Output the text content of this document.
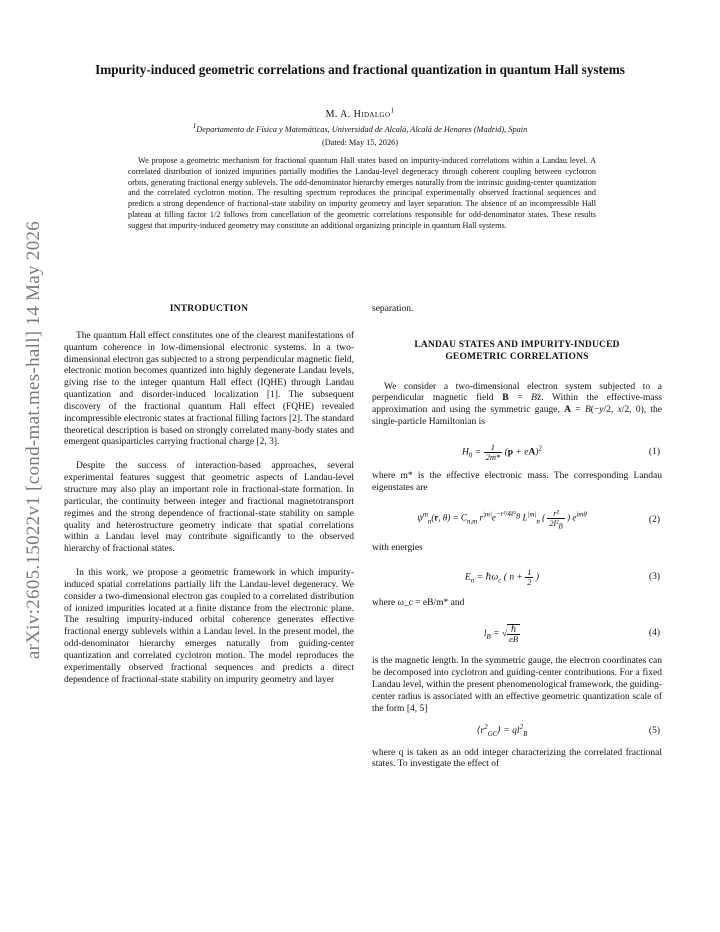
arXiv:2605.15022v1 [cond-mat.mes-hall] 14 May 2026
Impurity-induced geometric correlations and fractional quantization in quantum Hall systems
M. A. Hidalgo$^1$
$^1$Departamento de Física y Matemáticas, Universidad de Alcalá, Alcalá de Henares (Madrid), Spain
(Dated: May 15, 2026)
We propose a geometric mechanism for fractional quantum Hall states based on impurity-induced correlations within a Landau level. A correlated distribution of ionized impurities partially modifies the Landau-level degeneracy through coherent coupling between cyclotron orbits, generating fractional energy sublevels. The odd-denominator hierarchy emerges naturally from the intrinsic guiding-center quantization and the correlated cyclotron motion. The resulting spectrum reproduces the principal experimentally observed fractional sequences and predicts a strong dependence of fractional-state stability on impurity geometry and layer separation. The absence of an incompressible Hall plateau at filling factor 1/2 follows from cancellation of the geometric correlations responsible for odd-denominator states. These results suggest that impurity-induced geometry may constitute an additional organizing principle in quantum Hall systems.
INTRODUCTION

The quantum Hall effect constitutes one of the clearest manifestations of quantum coherence in low-dimensional electronic systems. In a two-dimensional electron gas subjected to a strong perpendicular magnetic field, electronic motion becomes quantized into highly degenerate Landau levels, giving rise to the integer quantum Hall effect (IQHE) through Landau quantization and disorder-induced localization [1]. The subsequent discovery of the fractional quantum Hall effect (FQHE) revealed incompressible electronic states at fractional filling factors [2]. The standard theoretical description is based on strongly correlated many-body states and emergent quasiparticles carrying fractional charge [2, 3].

Despite the success of interaction-based approaches, several experimental features suggest that geometric aspects of Landau-level structure may also play an important role in fractional-state formation. In particular, the continuity between integer and fractional magnetotransport regimes and the strong dependence of fractional-state stability on sample quality and heterostructure geometry indicate that spatial correlations within a Landau level may contribute significantly to the observed hierarchy of fractional states.

In this work, we propose a geometric framework in which impurity-induced spatial correlations partially lift the Landau-level degeneracy. We consider a two-dimensional electron gas coupled to a correlated distribution of ionized impurities located at a finite distance from the electronic plane. The resulting impurity-induced orbital coherence generates effective fractional energy sublevels within a Landau level. In the present model, the odd-denominator hierarchy emerges naturally from guiding-center quantization and correlated cyclotron motion. The model reproduces the experimentally observed fractional sequences and predicts a direct dependence of fractional-state stability on impurity geometry and layer

separation.

LANDAU STATES AND IMPURITY-INDUCED
GEOMETRIC CORRELATIONS

We consider a two-dimensional electron system subjected to a perpendicular magnetic field B = Bẑ. Within the effective-mass approximation and using the symmetric gauge, A = B(−y/2, x/2, 0), the single-particle Hamiltonian is

$H_0 = \frac{1}{2m*} (p + eA)^2$	(1)

where m* is the effective electronic mass. The corresponding Landau eigenstates are

$\psi^m_n(r$, $\theta) = C_{n,m}$ $r^{|m|}e^{-r^2/4\ell^2_B}$ $L^{|m|}_n$ ( $\frac{\text{r²}}{2l^2_B}$ ) $e^{im\theta}$
(2)

with energies

$E_n$ = ℏω$_c$ ( $n + \frac{1}{2}$ )	(3)

where ω_c = eB/m* and

$l_B$ = √ $\frac{\text{ℏ}}{eB}$	(4)

is the magnetic length. In the symmetric gauge, the electron coordinates can be decomposed into cyclotron and guiding-center contributions. For a fixed Landau level, within the present phenomenological framework, the guiding-center radius is associated with an effective geometric quantization scale of the form [4, 5]

$⟨r^2_{GC}⟩ = ql^2_B$	(5)

where q is taken as an odd integer characterizing the correlated fractional states. To investigate the effect of
